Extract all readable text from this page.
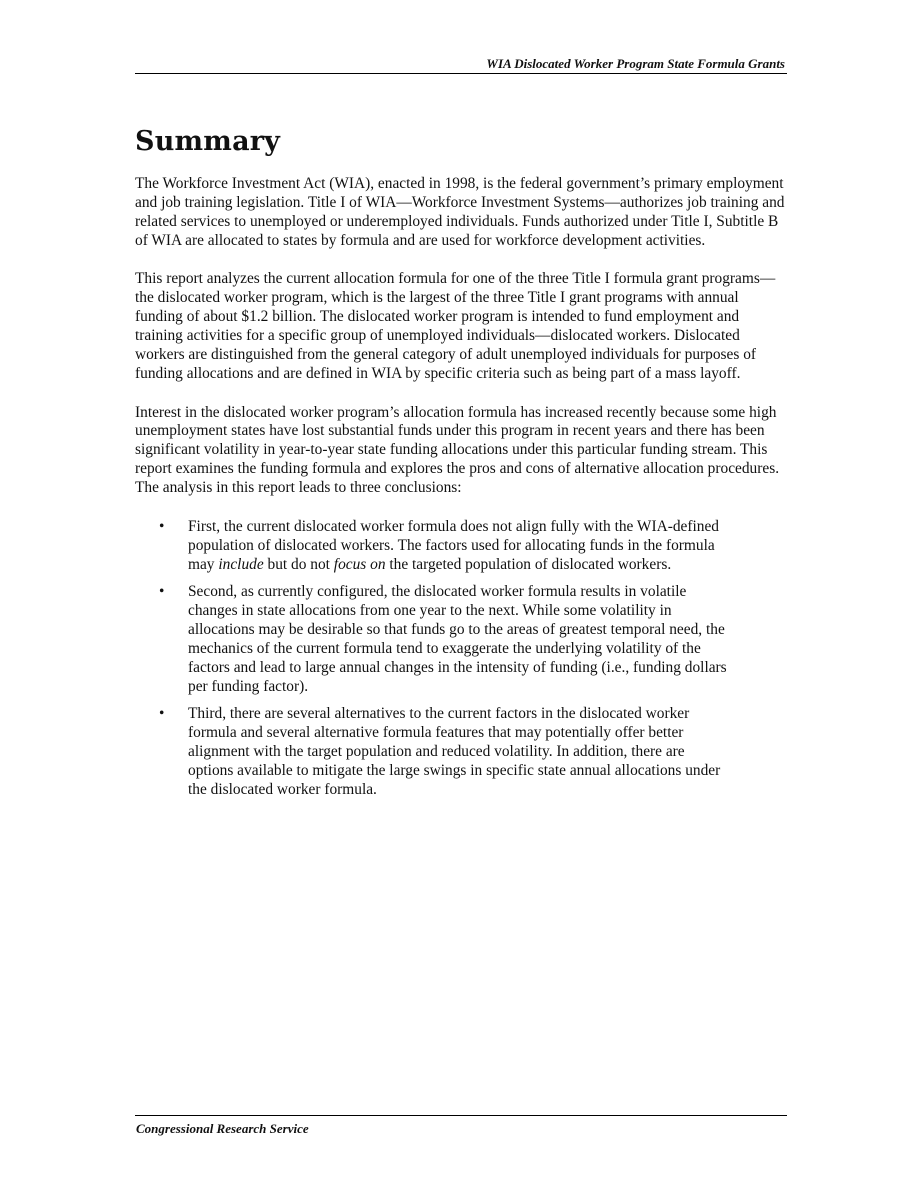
WIA Dislocated Worker Program State Formula Grants
Summary

The Workforce Investment Act (WIA), enacted in 1998, is the federal government’s primary employment and job training legislation. Title I of WIA—Workforce Investment Systems—authorizes job training and related services to unemployed or underemployed individuals. Funds authorized under Title I, Subtitle B of WIA are allocated to states by formula and are used for workforce development activities.

This report analyzes the current allocation formula for one of the three Title I formula grant programs—the dislocated worker program, which is the largest of the three Title I grant programs with annual funding of about $1.2 billion. The dislocated worker program is intended to fund employment and training activities for a specific group of unemployed individuals—dislocated workers. Dislocated workers are distinguished from the general category of adult unemployed individuals for purposes of funding allocations and are defined in WIA by specific criteria such as being part of a mass layoff.

Interest in the dislocated worker program’s allocation formula has increased recently because some high unemployment states have lost substantial funds under this program in recent years and there has been significant volatility in year-to-year state funding allocations under this particular funding stream. This report examines the funding formula and explores the pros and cons of alternative allocation procedures. The analysis in this report leads to three conclusions:

• First, the current dislocated worker formula does not align fully with the WIA-defined population of dislocated workers. The factors used for allocating funds in the formula may include but do not focus on the targeted population of dislocated workers.
• Second, as currently configured, the dislocated worker formula results in volatile changes in state allocations from one year to the next. While some volatility in allocations may be desirable so that funds go to the areas of greatest temporal need, the mechanics of the current formula tend to exaggerate the underlying volatility of the factors and lead to large annual changes in the intensity of funding (i.e., funding dollars per funding factor).
• Third, there are several alternatives to the current factors in the dislocated worker formula and several alternative formula features that may potentially offer better alignment with the target population and reduced volatility. In addition, there are options available to mitigate the large swings in specific state annual allocations under the dislocated worker formula.
Congressional Research Service
